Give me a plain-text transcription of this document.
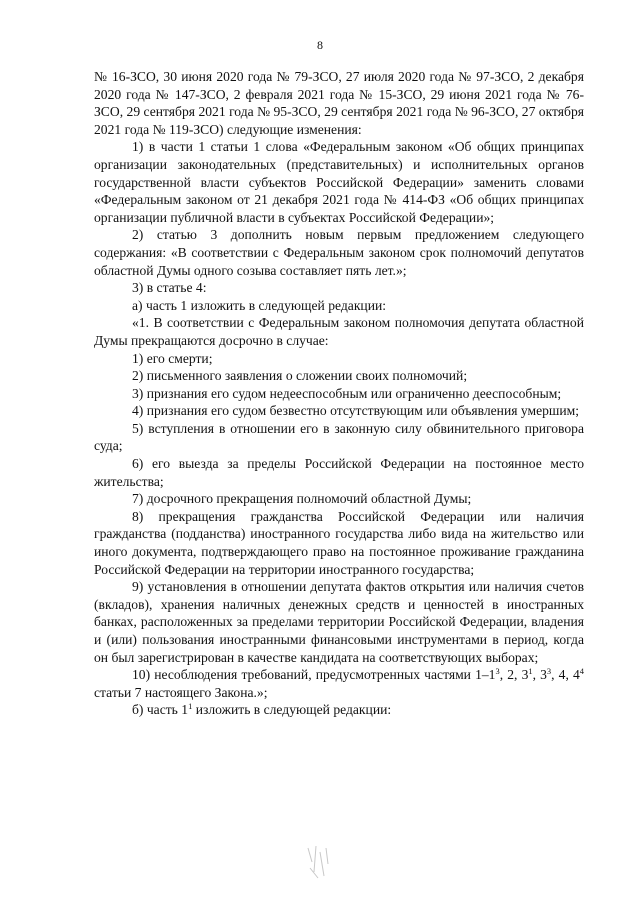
8

№ 16-ЗСО, 30 июня 2020 года № 79-ЗСО, 27 июля 2020 года № 97-ЗСО, 2 декабря 2020 года № 147-ЗСО, 2 февраля 2021 года № 15-ЗСО, 29 июня 2021 года № 76-ЗСО, 29 сентября 2021 года № 95-ЗСО, 29 сентября 2021 года № 96-ЗСО, 27 октября 2021 года № 119-ЗСО) следующие изменения:

1) в части 1 статьи 1 слова «Федеральным законом «Об общих принципах организации законодательных (представительных) и исполнительных органов государственной власти субъектов Российской Федерации» заменить словами «Федеральным законом от 21 декабря 2021 года № 414-ФЗ «Об общих принципах организации публичной власти в субъектах Российской Федерации»;

2) статью 3 дополнить новым первым предложением следующего содержания: «В соответствии с Федеральным законом срок полномочий депутатов областной Думы одного созыва составляет пять лет.»;

3) в статье 4:

а) часть 1 изложить в следующей редакции:

«1. В соответствии с Федеральным законом полномочия депутата областной Думы прекращаются досрочно в случае:

1) его смерти;

2) письменного заявления о сложении своих полномочий;

3) признания его судом недееспособным или ограниченно дееспособным;

4) признания его судом безвестно отсутствующим или объявления умершим;

5) вступления в отношении его в законную силу обвинительного приговора суда;

6) его выезда за пределы Российской Федерации на постоянное место жительства;

7) досрочного прекращения полномочий областной Думы;

8) прекращения гражданства Российской Федерации или наличия гражданства (подданства) иностранного государства либо вида на жительство или иного документа, подтверждающего право на постоянное проживание гражданина Российской Федерации на территории иностранного государства;

9) установления в отношении депутата фактов открытия или наличия счетов (вкладов), хранения наличных денежных средств и ценностей в иностранных банках, расположенных за пределами территории Российской Федерации, владения и (или) пользования иностранными финансовыми инструментами в период, когда он был зарегистрирован в качестве кандидата на соответствующих выборах;

10) несоблюдения требований, предусмотренных частями $1-1^3$, 2, $3^1$, $3^3$, 4, $4^4$ статьи 7 настоящего Закона.»;

б) часть $1^1$ изложить в следующей редакции:
